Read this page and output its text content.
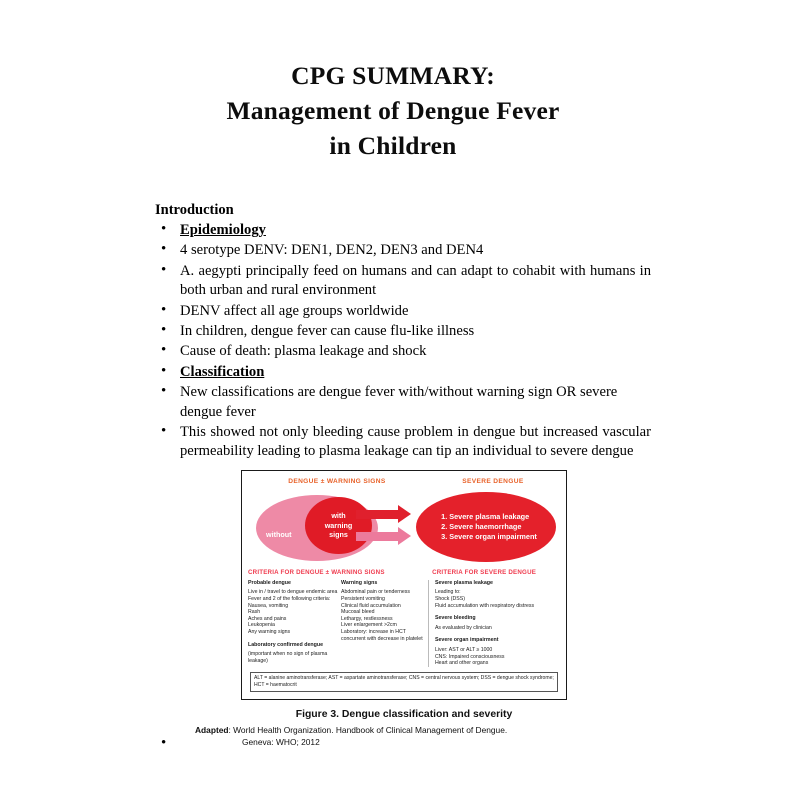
CPG SUMMARY:
Management of Dengue Fever
in Children
Introduction
• Epidemiology
• 4 serotype DENV: DEN1, DEN2, DEN3 and DEN4
• A. aegypti principally feed on humans and can adapt to cohabit with humans in both urban and rural environment
• DENV affect all age groups worldwide
• In children, dengue fever can cause flu-like illness
• Cause of death: plasma leakage and shock
• Classification
• New classifications are dengue fever with/without warning sign OR severe dengue fever
• This showed not only bleeding cause problem in dengue but increased vascular permeability leading to plasma leakage can tip an individual to severe dengue
DENGUE ± WARNING SIGNS	SEVERE DENGUE
without
with
warning
signs
1. Severe plasma leakage
2. Severe haemorrhage
3. Severe organ impairment
CRITERIA FOR DENGUE ± WARNING SIGNS	CRITERIA FOR SEVERE DENGUE
Probable dengue
Live in / travel to dengue endemic area
Fever and 2 of the following criteria:
Nausea, vomiting
Rash
Aches and pains
Leukopenia
Any warning signs
Laboratory confirmed dengue
(important when no sign of plasma
leakage)
Warning signs
Abdominal pain or tenderness
Persistent vomiting
Clinical fluid accumulation
Mucosal bleed
Lethargy, restlessness
Liver enlargement >2cm
Laboratory: increase in HCT
concurrent with decrease in platelet
Severe plasma leakage
Leading to:
Shock (DSS)
Fluid accumulation with respiratory distress
Severe bleeding
As evaluated by clinician
Severe organ impairment
Liver: AST or ALT ≥ 1000
CNS: Impaired consciousness
Heart and other organs
ALT = alanine aminotransferase; AST = aspartate aminotransferase; CNS = central nervous system; DSS = dengue shock syndrome;
HCT = haematocrit
Figure 3. Dengue classification and severity
Adapted: World Health Organization. Handbook of Clinical Management of Dengue.
Geneva: WHO; 2012
•
